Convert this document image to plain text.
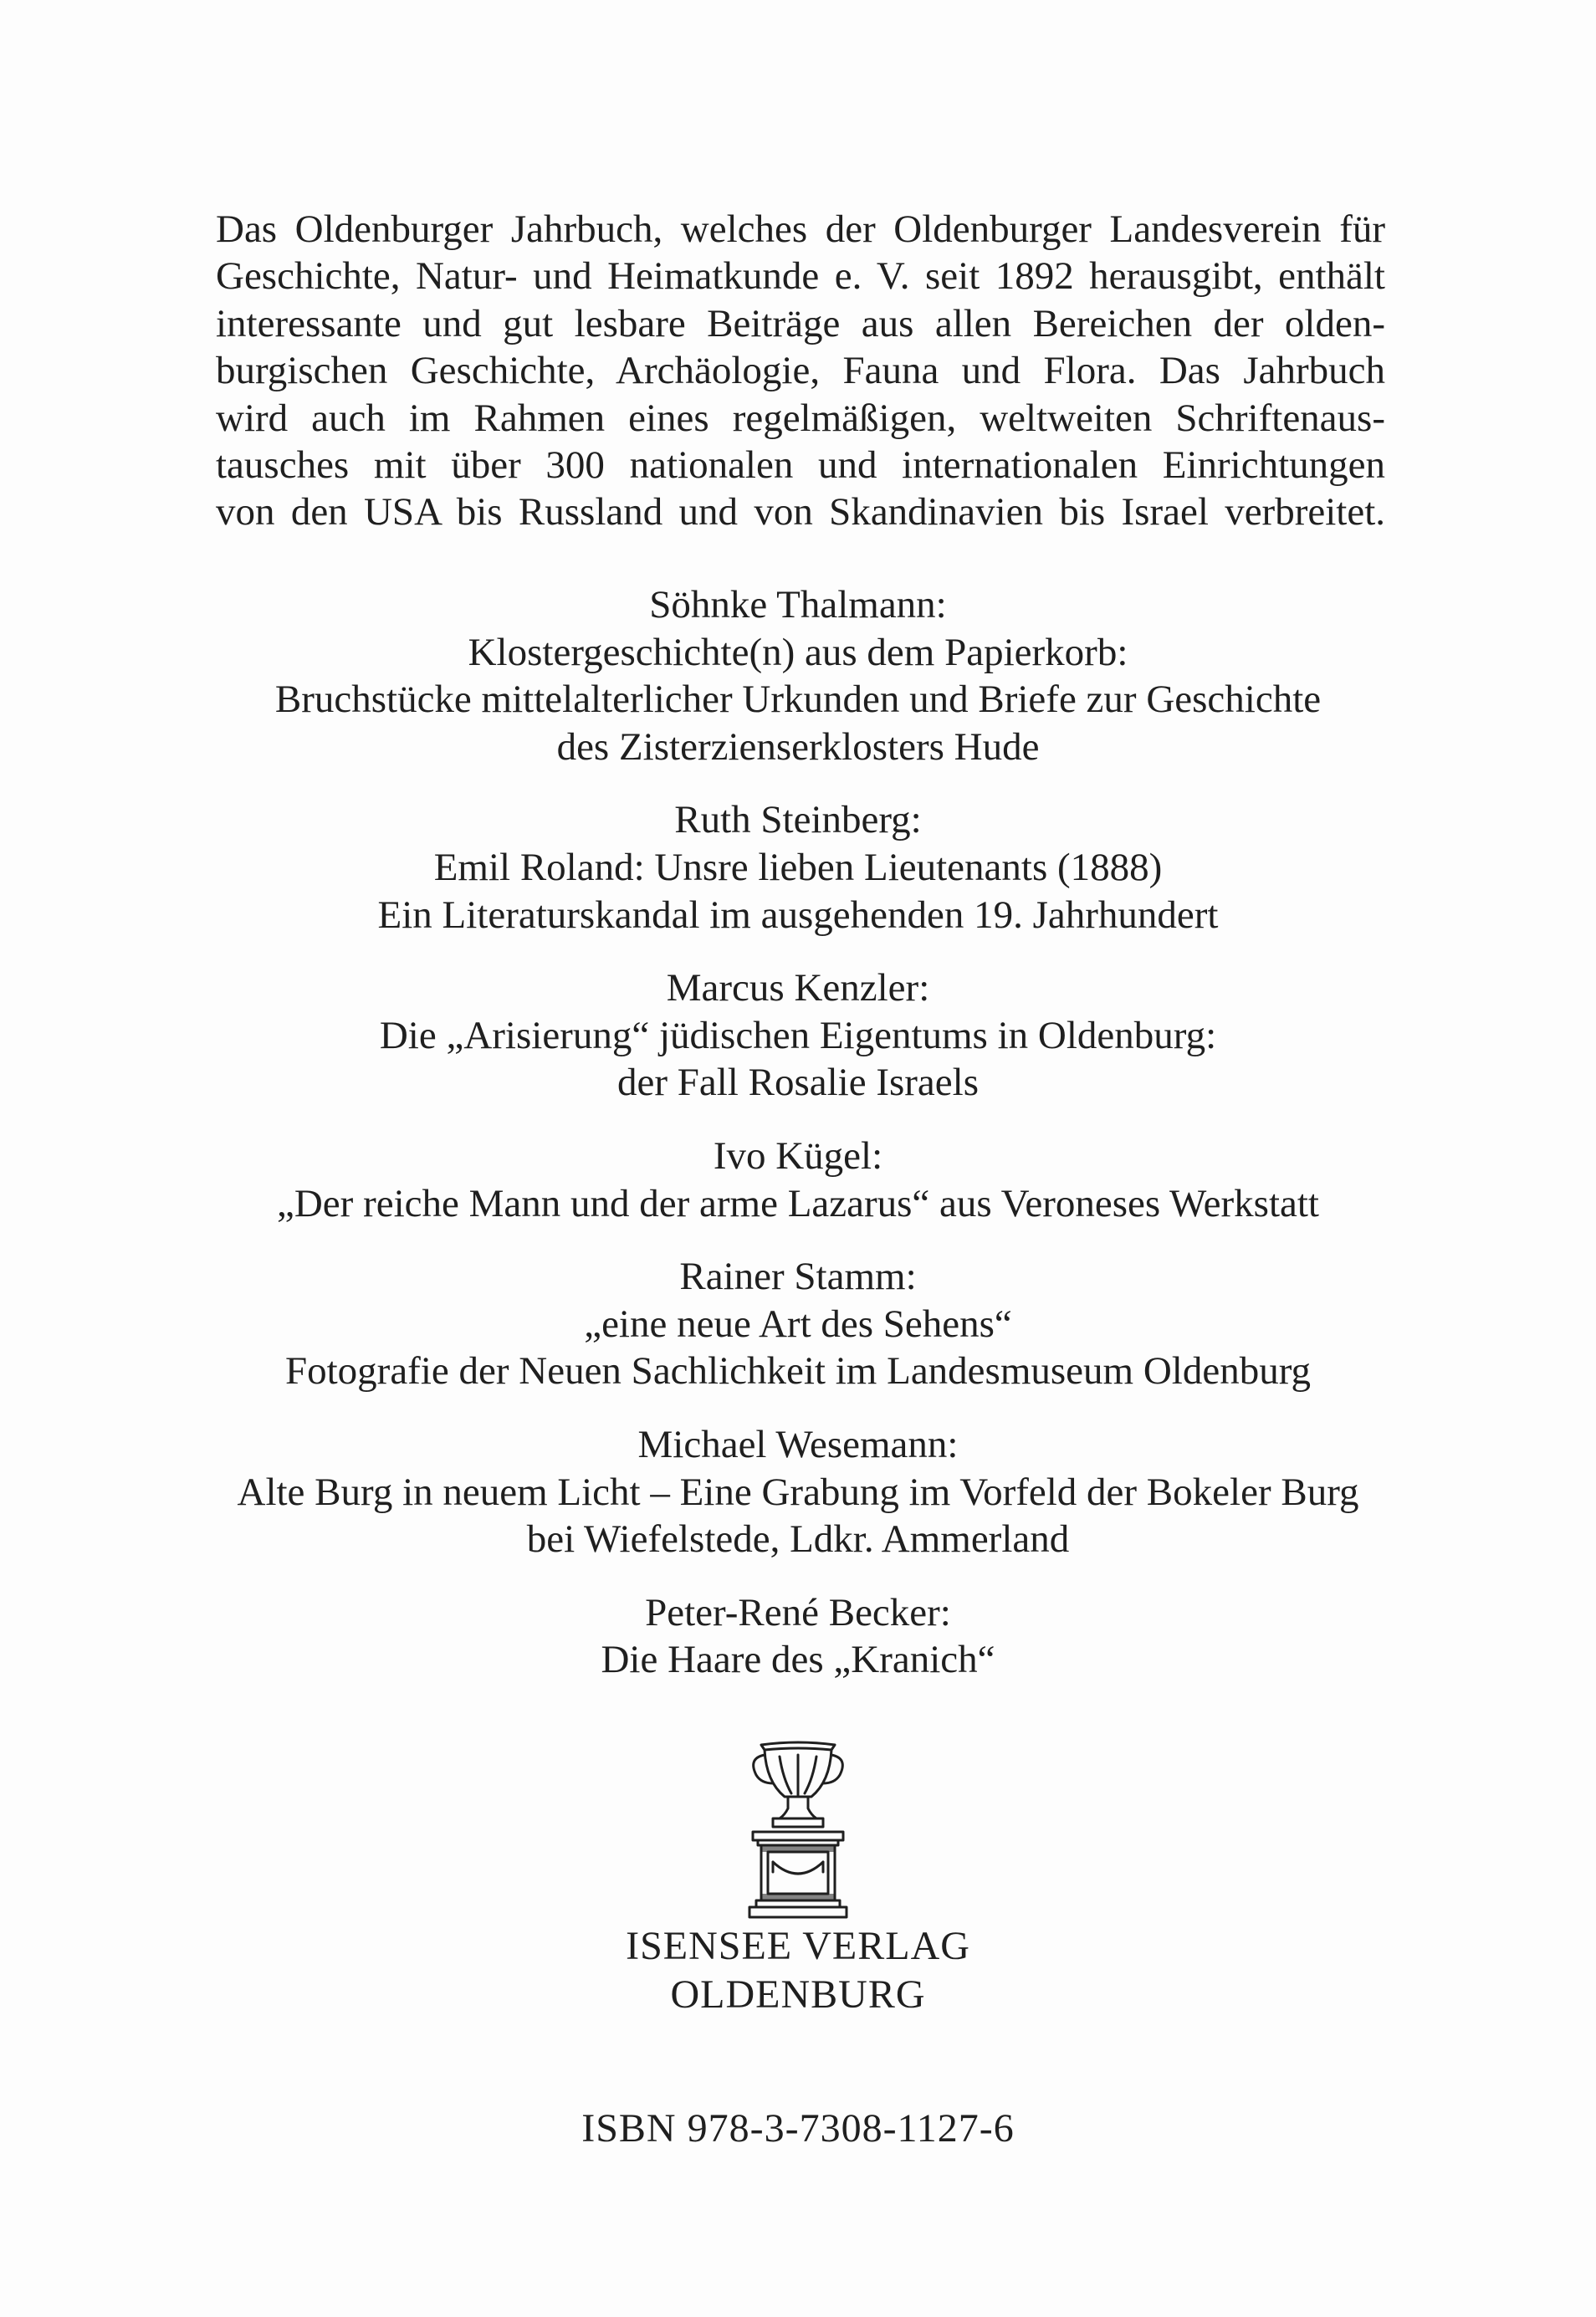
Das Oldenburger Jahrbuch, welches der Oldenburger Landesverein für
Geschichte, Natur- und Heimatkunde e. V. seit 1892 herausgibt, enthält
interessante und gut lesbare Beiträge aus allen Bereichen der olden-
burgischen Geschichte, Archäologie, Fauna und Flora. Das Jahrbuch
wird auch im Rahmen eines regelmäßigen, weltweiten Schriftenaus-
tausches mit über 300 nationalen und internationalen Einrichtungen
von den USA bis Russland und von Skandinavien bis Israel verbreitet.
Söhnke Thalmann:
Klostergeschichte(n) aus dem Papierkorb:
Bruchstücke mittelalterlicher Urkunden und Briefe zur Geschichte
des Zisterzienserklosters Hude
Ruth Steinberg:
Emil Roland: Unsre lieben Lieutenants (1888)
Ein Literaturskandal im ausgehenden 19. Jahrhundert
Marcus Kenzler:
Die „Arisierung“ jüdischen Eigentums in Oldenburg:
der Fall Rosalie Israels
Ivo Kügel:
„Der reiche Mann und der arme Lazarus“ aus Veroneses Werkstatt
Rainer Stamm:
„eine neue Art des Sehens“
Fotografie der Neuen Sachlichkeit im Landesmuseum Oldenburg
Michael Wesemann:
Alte Burg in neuem Licht – Eine Grabung im Vorfeld der Bokeler Burg
bei Wiefelstede, Ldkr. Ammerland
Peter-René Becker:
Die Haare des „Kranich“
ISENSEE VERLAG
OLDENBURG
ISBN 978-3-7308-1127-6
